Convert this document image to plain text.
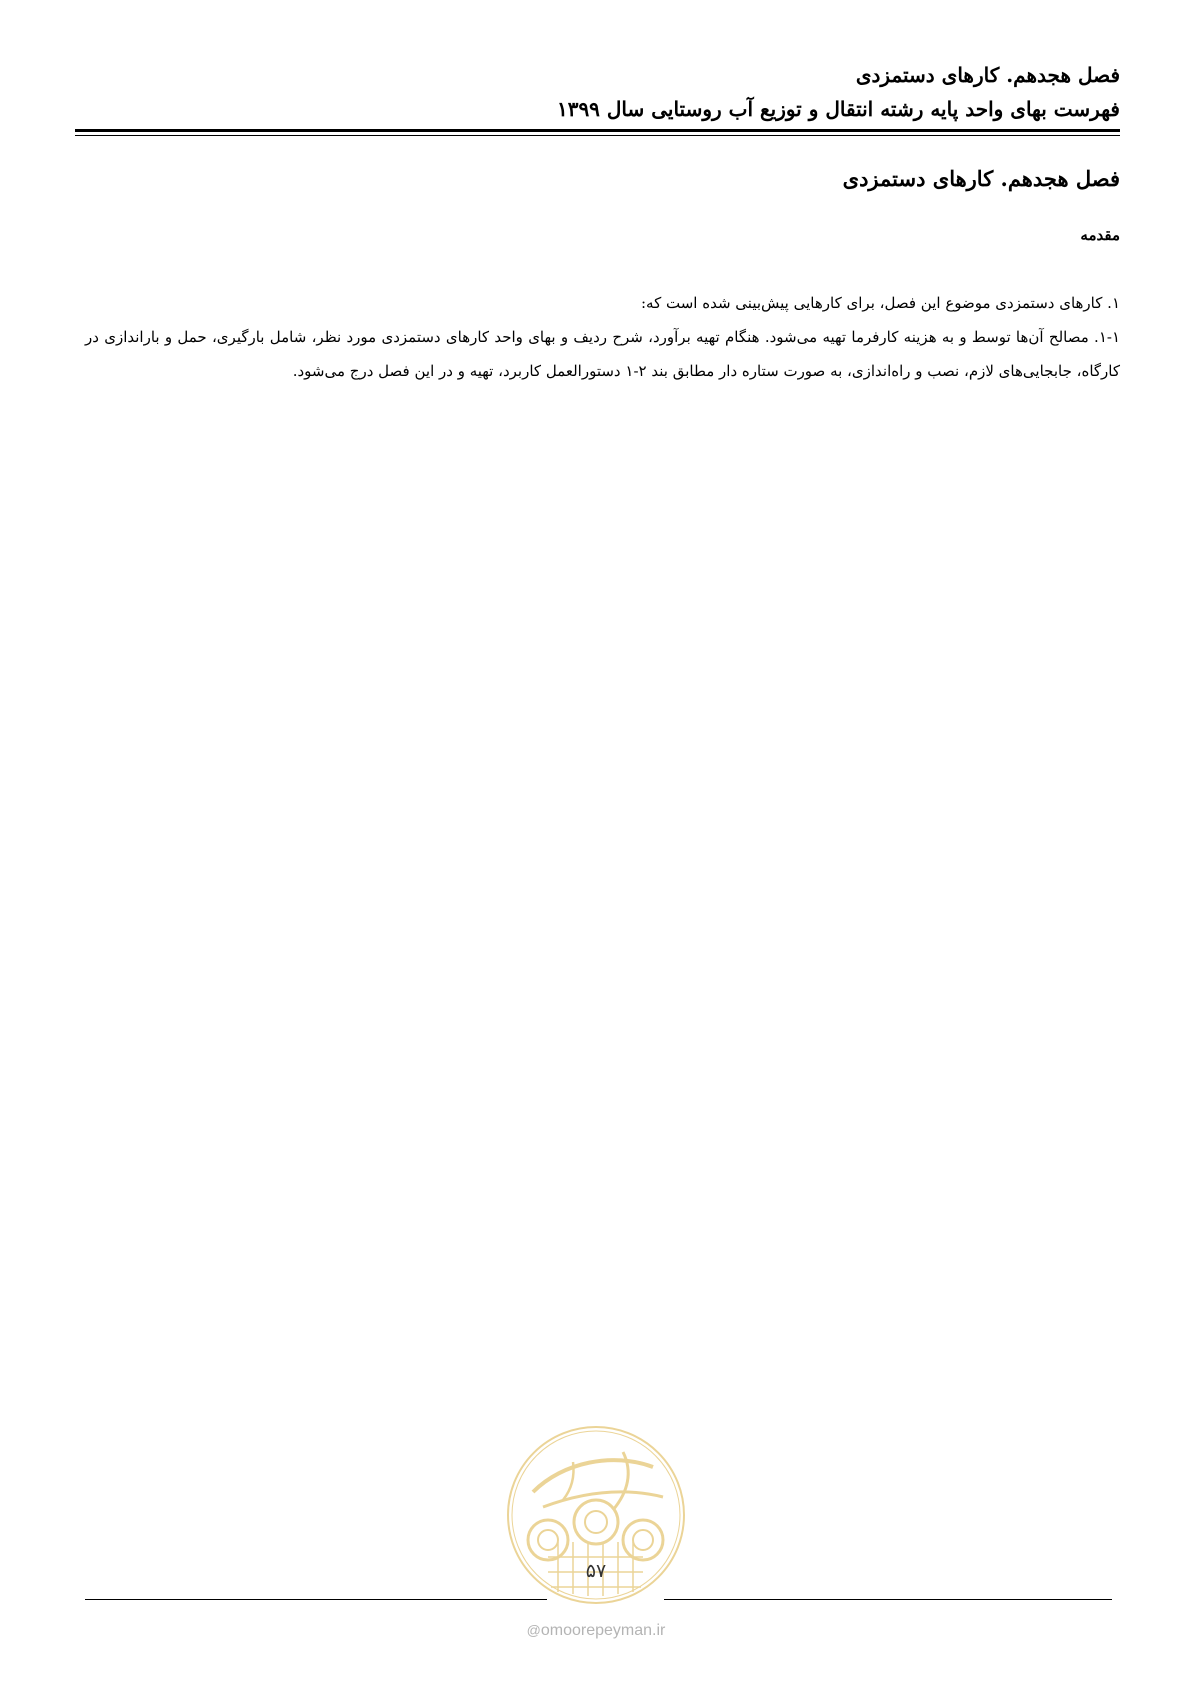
فصل هجدهم. کارهای دستمزدی
فهرست بهای واحد پایه رشته انتقال و توزیع آب روستایی سال ۱۳۹۹
فصل هجدهم. کارهای دستمزدی
مقدمه

۱. کارهای دستمزدی موضوع این فصل، برای کارهایی پیش‌بینی شده است که:

۱-۱. مصالح آن‌ها توسط و به هزینه کارفرما تهیه می‌شود. هنگام تهیه برآورد، شرح ردیف و بهای واحد کارهای دستمزدی مورد نظر، شامل بارگیری، حمل و باراندازی در کارگاه، جابجایی‌های لازم، نصب و راه‌اندازی، به صورت ستاره دار مطابق بند ۲-۱ دستورالعمل کاربرد، تهیه و در این فصل درج می‌شود.

۵۷
@omoorepeyman.ir
